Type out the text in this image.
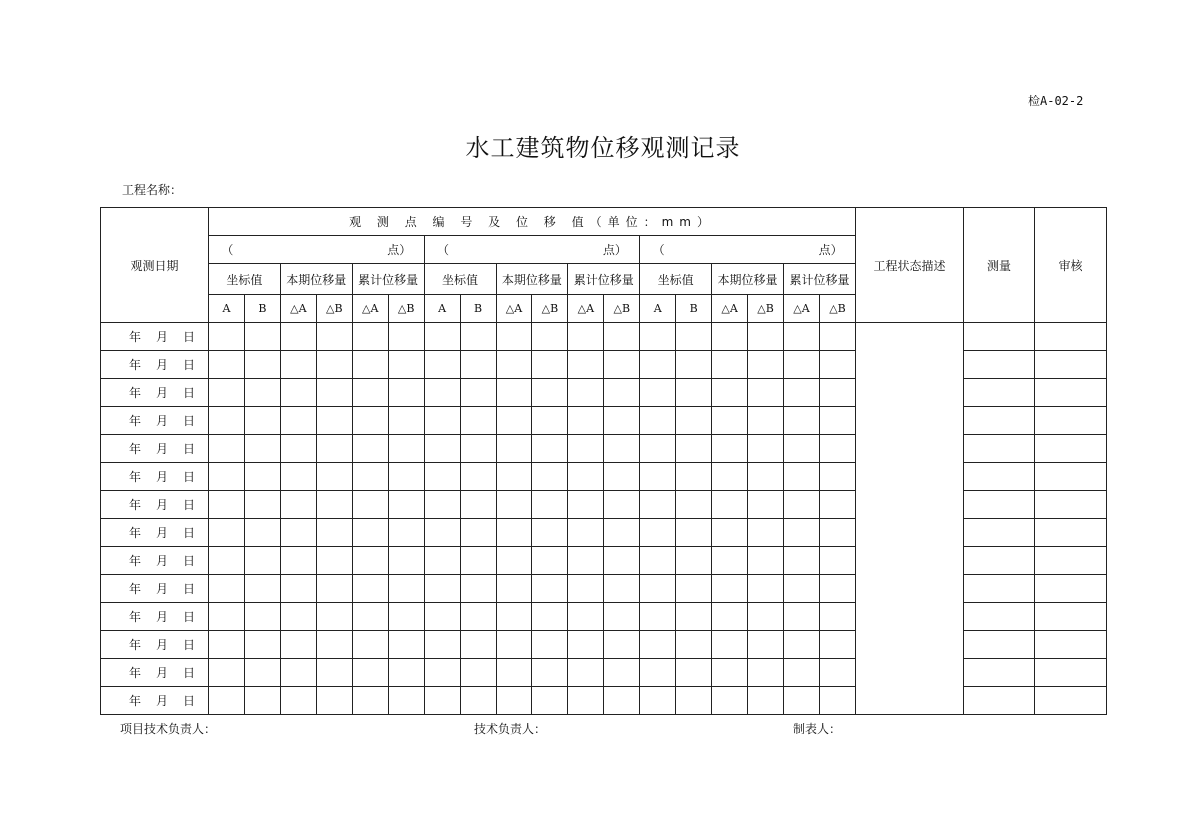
检A-02-2
水工建筑物位移观测记录
工程名称：
观测日期	观 测 点 编 号 及 位 移 值（单位：mm）																		工程状态描述	测量	审核
	（ 点）						（ 点）						（ 点）								
	坐标值		本期位移量		累计位移量		坐标值		本期位移量		累计位移量		坐标值		本期位移量		累计位移量				
	A	B	△A	△B	△A	△B	A	B	△A	△B	△A	△B	A	B	△A	△B	△A	△B			
年 月 日																					
年 月 日																					
年 月 日																					
年 月 日																					
年 月 日																					
年 月 日																					
年 月 日																					
年 月 日																					
年 月 日																					
年 月 日																					
年 月 日																					
年 月 日																					
年 月 日																					
年 月 日																					
项目技术负责人：	技术负责人：	制表人：
